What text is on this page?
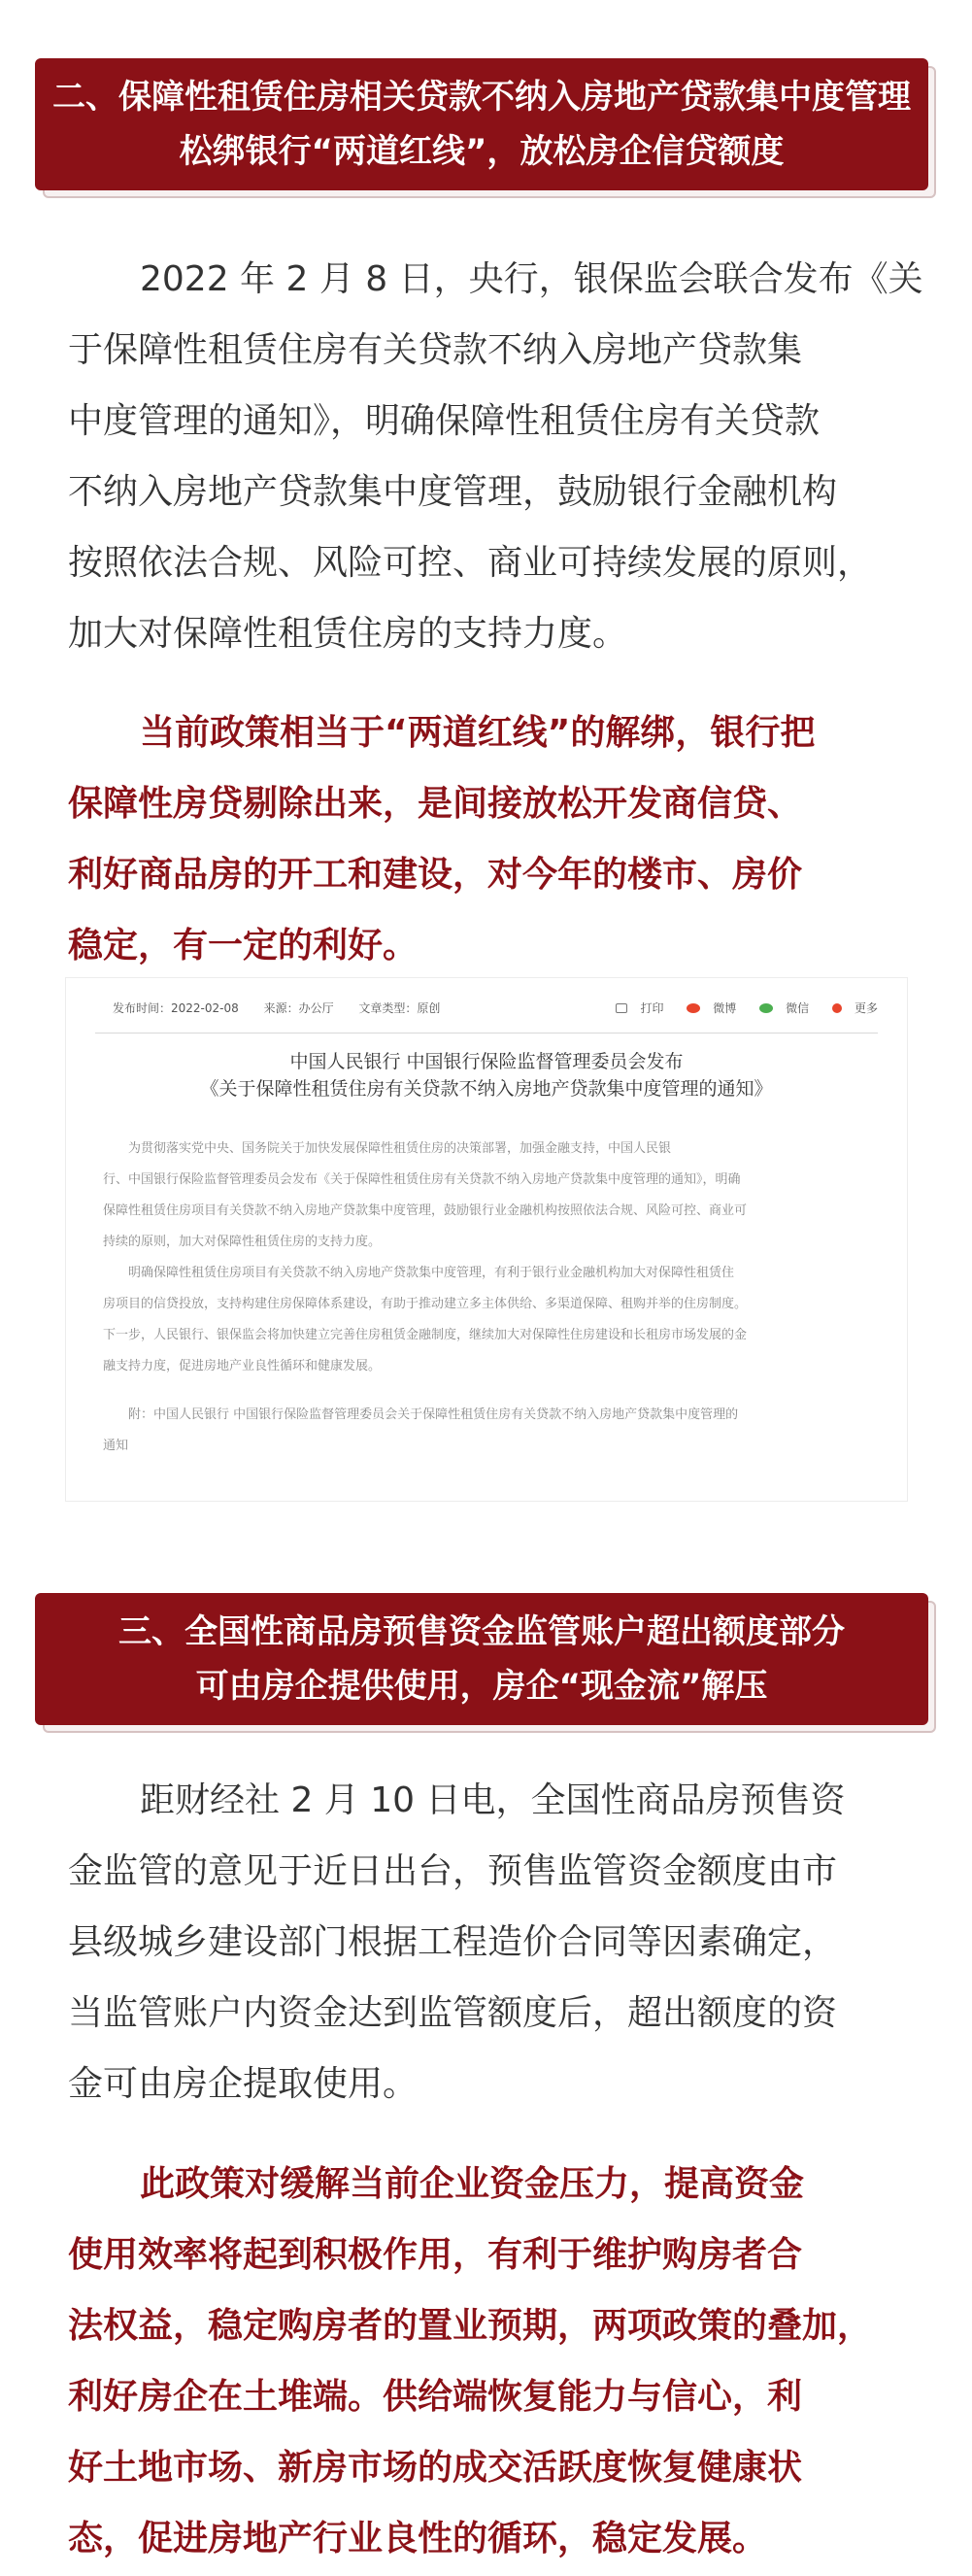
二、保障性租赁住房相关贷款不纳入房地产贷款集中度管理
松绑银行“两道红线”，放松房企信贷额度
2022 年 2 月 8 日，央行，银保监会联合发布《关
于保障性租赁住房有关贷款不纳入房地产贷款集
中度管理的通知》，明确保障性租赁住房有关贷款
不纳入房地产贷款集中度管理，鼓励银行金融机构
按照依法合规、风险可控、商业可持续发展的原则，
加大对保障性租赁住房的支持力度。
当前政策相当于“两道红线”的解绑，银行把
保障性房贷剔除出来，是间接放松开发商信贷、
利好商品房的开工和建设，对今年的楼市、房价
稳定，有一定的利好。
发布时间：2022-02-08 来源：办公厅 文章类型：原创	打印	微博	微信	更多
中国人民银行 中国银行保险监督管理委员会发布
《关于保障性租赁住房有关贷款不纳入房地产贷款集中度管理的通知》
为贯彻落实党中央、国务院关于加快发展保障性租赁住房的决策部署，加强金融支持，中国人民银
行、中国银行保险监督管理委员会发布《关于保障性租赁住房有关贷款不纳入房地产贷款集中度管理的通知》，明确
保障性租赁住房项目有关贷款不纳入房地产贷款集中度管理，鼓励银行业金融机构按照依法合规、风险可控、商业可
持续的原则，加大对保障性租赁住房的支持力度。
明确保障性租赁住房项目有关贷款不纳入房地产贷款集中度管理，有利于银行业金融机构加大对保障性租赁住
房项目的信贷投放，支持构建住房保障体系建设，有助于推动建立多主体供给、多渠道保障、租购并举的住房制度。
下一步，人民银行、银保监会将加快建立完善住房租赁金融制度，继续加大对保障性住房建设和长租房市场发展的金
融支持力度，促进房地产业良性循环和健康发展。
附：中国人民银行 中国银行保险监督管理委员会关于保障性租赁住房有关贷款不纳入房地产贷款集中度管理的
通知
三、全国性商品房预售资金监管账户超出额度部分
可由房企提供使用，房企“现金流”解压
距财经社 2 月 10 日电，全国性商品房预售资
金监管的意见于近日出台，预售监管资金额度由市
县级城乡建设部门根据工程造价合同等因素确定，
当监管账户内资金达到监管额度后，超出额度的资
金可由房企提取使用。
此政策对缓解当前企业资金压力，提高资金
使用效率将起到积极作用，有利于维护购房者合
法权益，稳定购房者的置业预期，两项政策的叠加，
利好房企在土堆端。供给端恢复能力与信心，利
好土地市场、新房市场的成交活跃度恢复健康状
态，促进房地产行业良性的循环，稳定发展。
